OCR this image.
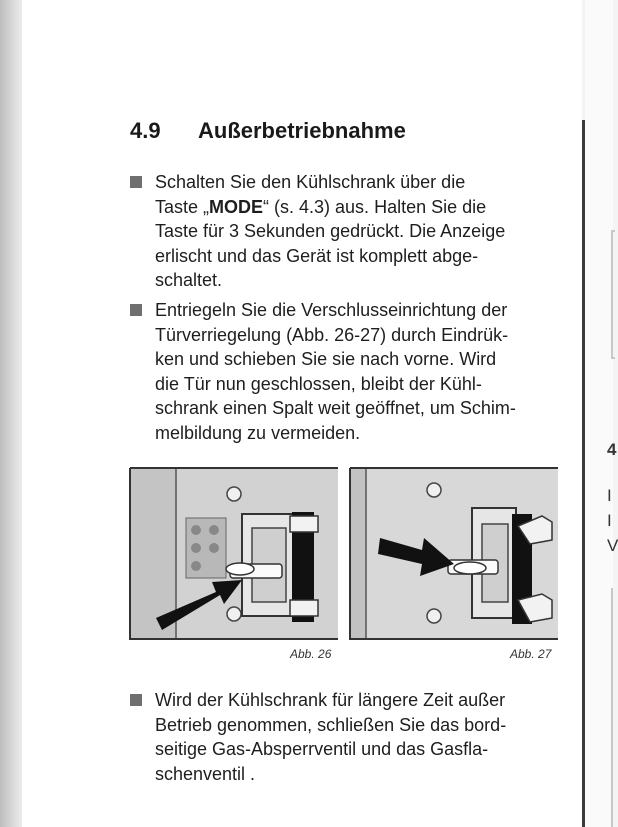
4
I
I
V
4.9 Außerbetriebnahme
Schalten Sie den Kühlschrank über die
Taste „MODE“ (s. 4.3) aus. Halten Sie die
Taste für 3 Sekunden gedrückt. Die Anzeige
erlischt und das Gerät ist komplett abge-
schaltet.
Entriegeln Sie die Verschlusseinrichtung der
Türverriegelung (Abb. 26-27) durch Eindrük-
ken und schieben Sie sie nach vorne. Wird
die Tür nun geschlossen, bleibt der Kühl-
schrank einen Spalt weit geöffnet, um Schim-
melbildung zu vermeiden.
Abb. 26	Abb. 27
Wird der Kühlschrank für längere Zeit außer
Betrieb genommen, schließen Sie das bord-
seitige Gas-Absperrventil und das Gasfla-
schenventil .
